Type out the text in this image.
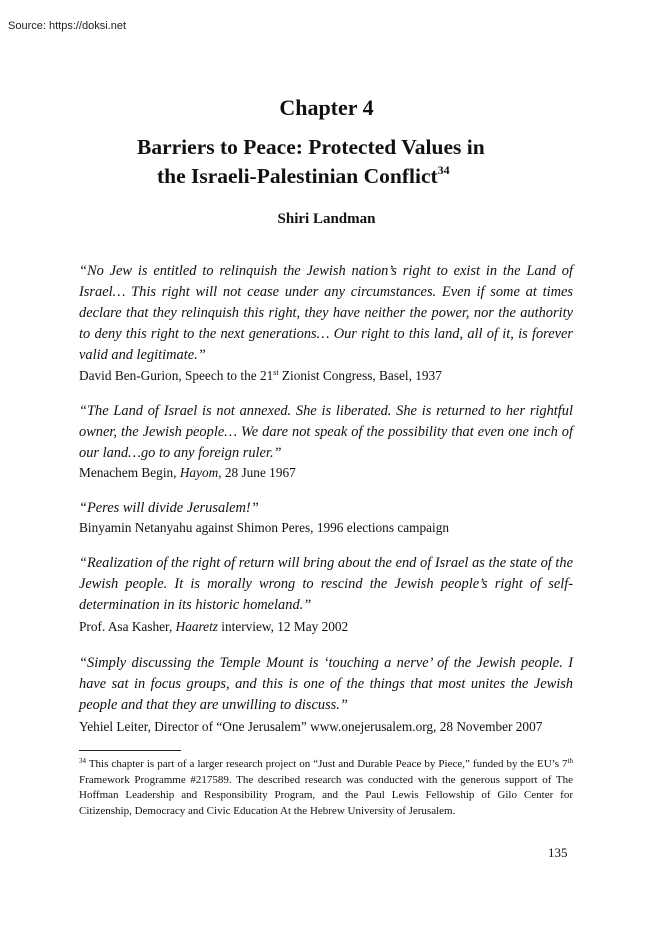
Source: https://doksi.net
Chapter 4
Barriers to Peace: Protected Values in
the Israeli-Palestinian Conflict$^{34}$
Shiri Landman
“No Jew is entitled to relinquish the Jewish nation’s right to exist in the Land of Israel… This right will not cease under any circumstances. Even if some at times declare that they relinquish this right, they have neither the power, nor the authority to deny this right to the next generations… Our right to this land, all of it, is forever valid and legitimate.”
David Ben-Gurion, Speech to the 21st Zionist Congress, Basel, 1937
“The Land of Israel is not annexed. She is liberated. She is returned to her rightful owner, the Jewish people… We dare not speak of the possibility that even one inch of our land…go to any foreign ruler.”
Menachem Begin, Hayom, 28 June 1967
“Peres will divide Jerusalem!”
Binyamin Netanyahu against Shimon Peres, 1996 elections campaign
“Realization of the right of return will bring about the end of Israel as the state of the Jewish people. It is morally wrong to rescind the Jewish people’s right of self-determination in its historic homeland.”
Prof. Asa Kasher, Haaretz interview, 12 May 2002
“Simply discussing the Temple Mount is ‘touching a nerve’ of the Jewish people. I have sat in focus groups, and this is one of the things that most unites the Jewish people and that they are unwilling to discuss.”
Yehiel Leiter, Director of “One Jerusalem” www.onejerusalem.org, 28 November 2007
$^{34}$ This chapter is part of a larger research project on “Just and Durable Peace by Piece,” funded by the EU’s 7th Framework Programme #217589. The described research was conducted with the generous support of The Hoffman Leadership and Responsibility Program, and the Paul Lewis Fellowship of Gilo Center for Citizenship, Democracy and Civic Education At the Hebrew University of Jerusalem.
135
